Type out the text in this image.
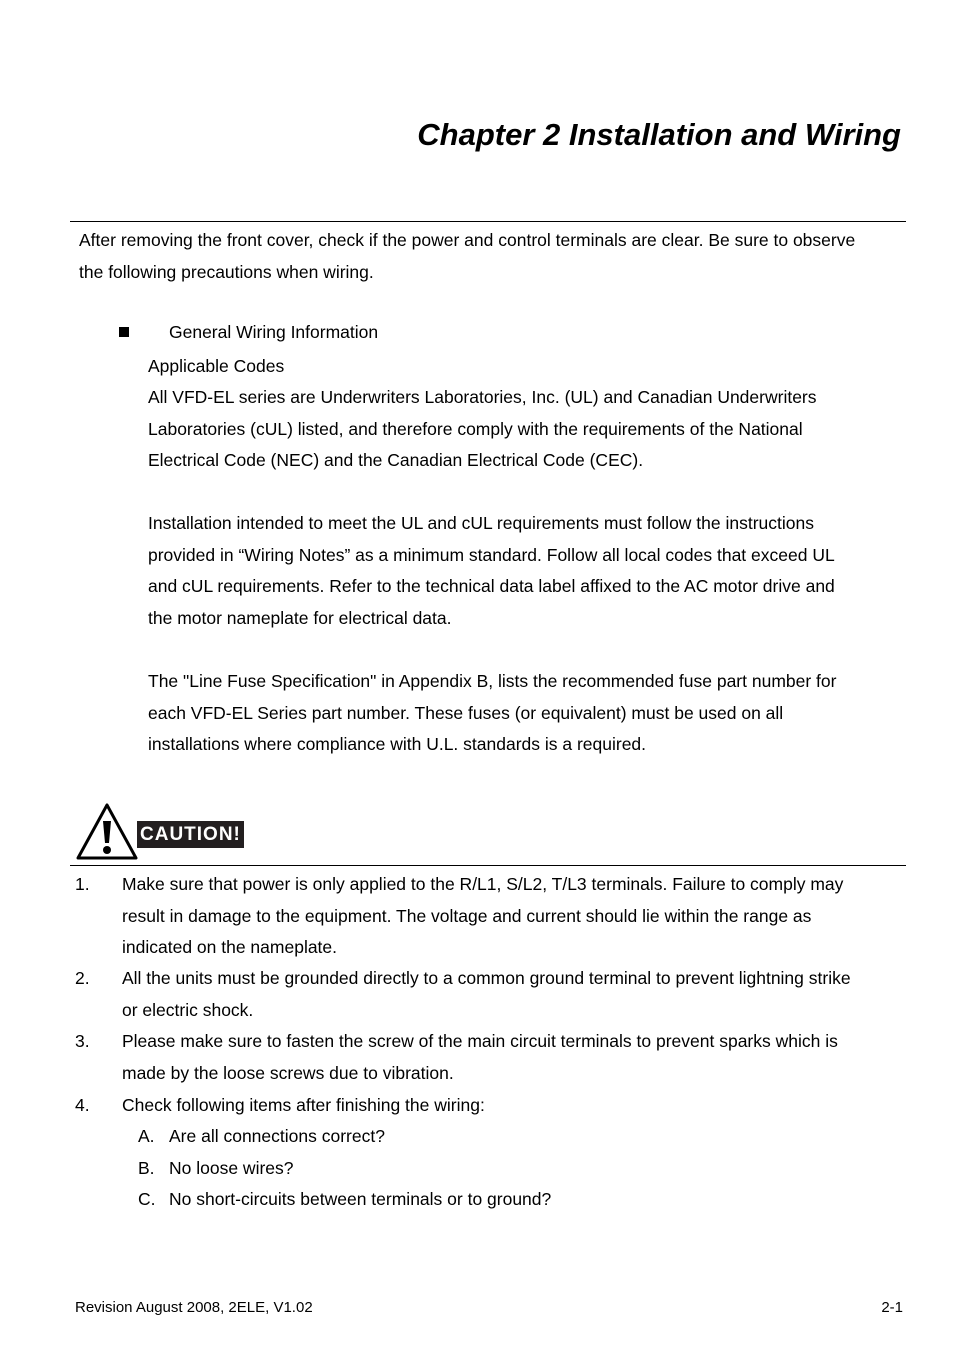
Chapter 2 Installation and Wiring
After removing the front cover, check if the power and control terminals are clear. Be sure to observe
the following precautions when wiring.
General Wiring Information
Applicable Codes
All VFD-EL series are Underwriters Laboratories, Inc. (UL) and Canadian Underwriters
Laboratories (cUL) listed, and therefore comply with the requirements of the National
Electrical Code (NEC) and the Canadian Electrical Code (CEC).
Installation intended to meet the UL and cUL requirements must follow the instructions
provided in “Wiring Notes” as a minimum standard. Follow all local codes that exceed UL
and cUL requirements. Refer to the technical data label affixed to the AC motor drive and
the motor nameplate for electrical data.
The "Line Fuse Specification" in Appendix B, lists the recommended fuse part number for
each VFD-EL Series part number. These fuses (or equivalent) must be used on all
installations where compliance with U.L. standards is a required.
CAUTION!
1. Make sure that power is only applied to the R/L1, S/L2, T/L3 terminals. Failure to comply may
result in damage to the equipment. The voltage and current should lie within the range as
indicated on the nameplate.
2. All the units must be grounded directly to a common ground terminal to prevent lightning strike
or electric shock.
3. Please make sure to fasten the screw of the main circuit terminals to prevent sparks which is
made by the loose screws due to vibration.
4. Check following items after finishing the wiring:
A. Are all connections correct?
B. No loose wires?
C. No short-circuits between terminals or to ground?
Revision August 2008, 2ELE, V1.02	2-1
